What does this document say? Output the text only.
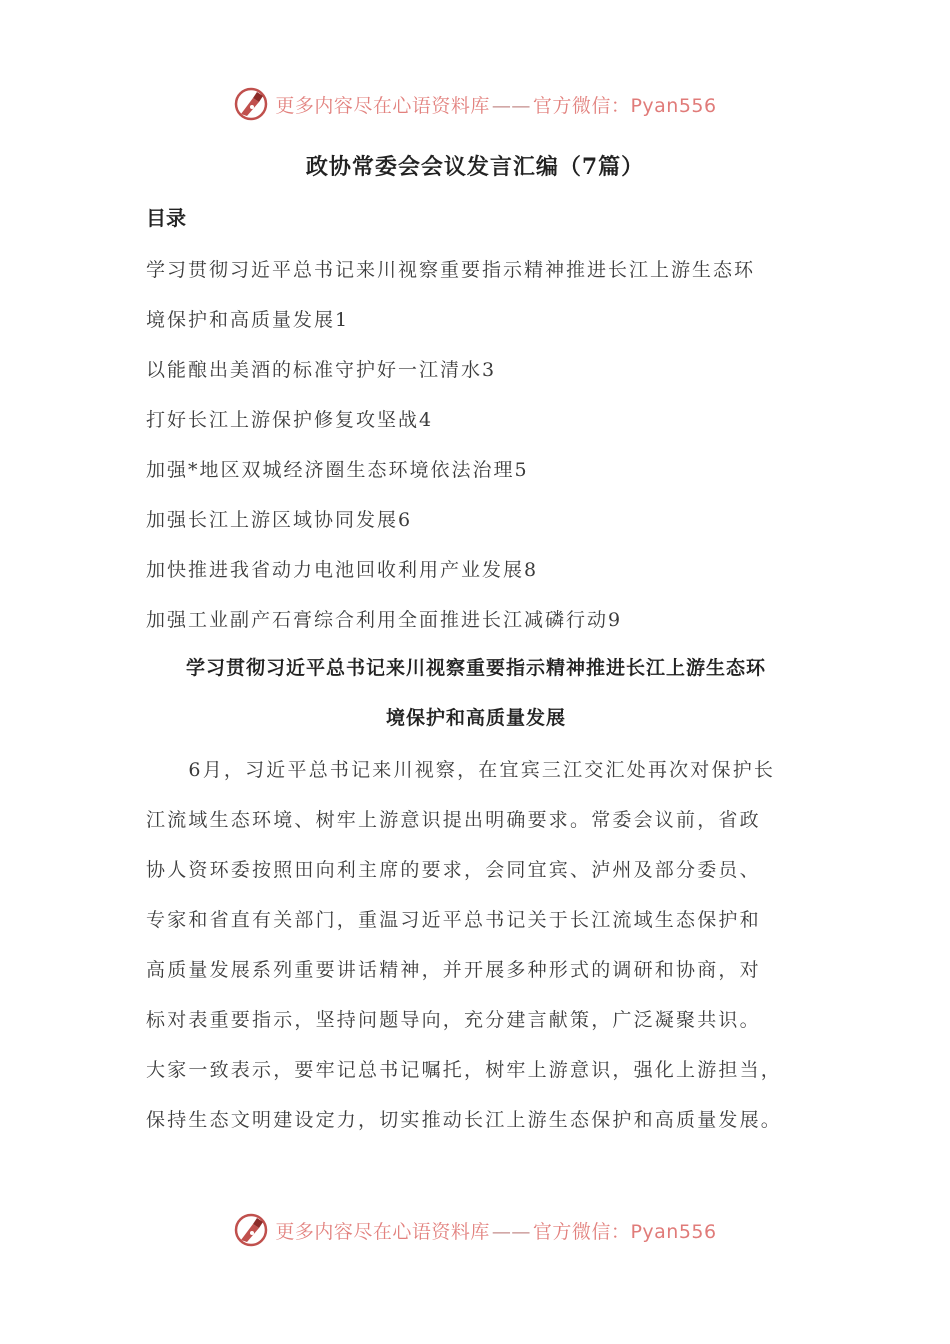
更多内容尽在心语资料库 —— 官方微信：Pyan556
政协常委会会议发言汇编（7篇）
目录
学习贯彻习近平总书记来川视察重要指示精神推进长江上游生态环
境保护和高质量发展1
以能酿出美酒的标准守护好一江清水3
打好长江上游保护修复攻坚战4
加强*地区双城经济圈生态环境依法治理5
加强长江上游区域协同发展6
加快推进我省动力电池回收利用产业发展8
加强工业副产石膏综合利用全面推进长江减磷行动9
学习贯彻习近平总书记来川视察重要指示精神推进长江上游生态环
境保护和高质量发展
　　6月，习近平总书记来川视察，在宜宾三江交汇处再次对保护长
江流域生态环境、树牢上游意识提出明确要求。常委会议前，省政
协人资环委按照田向利主席的要求，会同宜宾、泸州及部分委员、
专家和省直有关部门，重温习近平总书记关于长江流域生态保护和
高质量发展系列重要讲话精神，并开展多种形式的调研和协商，对
标对表重要指示，坚持问题导向，充分建言献策，广泛凝聚共识。
大家一致表示，要牢记总书记嘱托，树牢上游意识，强化上游担当，
保持生态文明建设定力，切实推动长江上游生态保护和高质量发展。
更多内容尽在心语资料库 —— 官方微信：Pyan556
